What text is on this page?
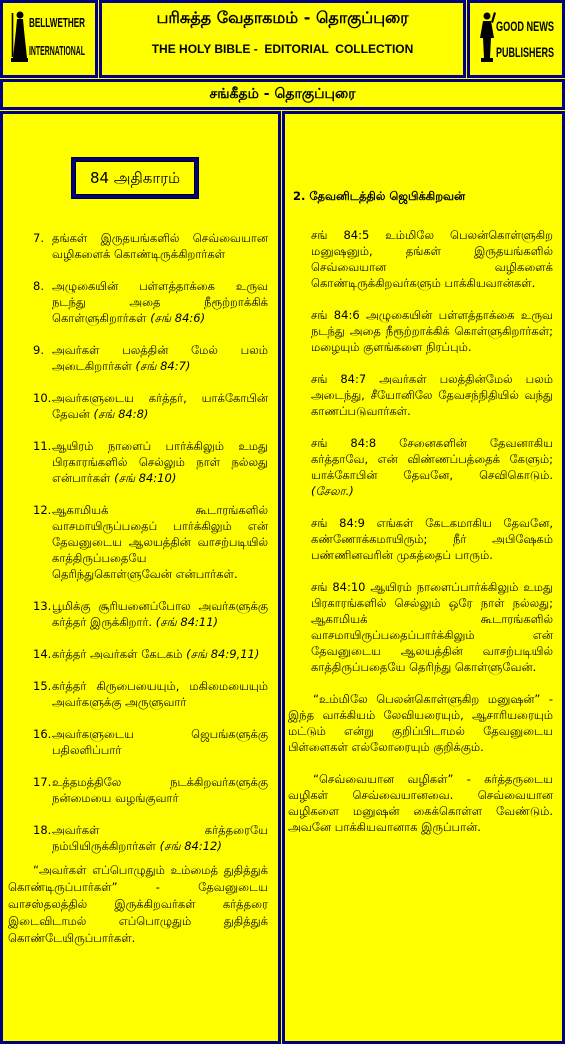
BELLWETHER
INTERNATIONAL
பரிசுத்த வேதாகமம் - தொகுப்புரை
THE HOLY BIBLE -  EDITORIAL  COLLECTION
GOOD NEWS
PUBLISHERS
சங்கீதம் - தொகுப்புரை
84 அதிகாரம்
7. தங்கள் இருதயங்களில் செவ்வையான வழிகளைக் கொண்டிருக்கிறார்கள்
8. அழுகையின் பள்ளத்தாக்கை உருவ நடந்து அதை நீரூற்றாக்கிக் கொள்ளுகிறார்கள் (சங் 84:6)
9. அவர்கள் பலத்தின் மேல் பலம் அடைகிறார்கள் (சங் 84:7)
10. அவர்களுடைய கர்த்தர், யாக்கோபின் தேவன் (சங் 84:8)
11. ஆயிரம் நாளைப் பார்க்கிலும் உமது பிரகாரங்களில் செல்லும் நாள் நல்லது என்பார்கள் (சங் 84:10)
12. ஆகாமியக் கூடாரங்களில் வாசமாயிருப்பதைப் பார்க்கிலும் என் தேவனுடைய ஆலயத்தின் வாசற்படியில் காத்திருப்பதையே தெரிந்துகொள்ளுவேன் என்பார்கள்.
13. பூமிக்கு சூரியனைப்போல அவர்களுக்கு கர்த்தர் இருக்கிறார். (சங் 84:11)
14. கர்த்தர் அவர்கள் கேடகம் (சங் 84:9,11)
15. கர்த்தர் கிருபையையும், மகிமையையும் அவர்களுக்கு அருளுவார்
16. அவர்களுடைய ஜெபங்களுக்கு பதிலளிப்பார்
17. உத்தமத்திலே நடக்கிறவர்களுக்கு நன்மையை வழங்குவார்
18. அவர்கள் கர்த்தரையே நம்பியிருக்கிறார்கள் (சங் 84:12)

“அவர்கள் எப்பொழுதும் உம்மைத் துதித்துக் கொண்டிருப்பார்கள்” - தேவனுடைய வாசஸ்தலத்தில் இருக்கிறவர்கள் கர்த்தரை இடைவிடாமல் எப்பொழுதும் துதித்துக் கொண்டேயிருப்பார்கள்.

2. தேவனிடத்தில் ஜெபிக்கிறவன்

சங் 84:5 உம்மிலே பெலன்கொள்ளுகிற மனுஷனும், தங்கள் இருதயங்களில் செவ்வையான வழிகளைக் கொண்டிருக்கிறவர்களும் பாக்கியவான்கள்.

சங் 84:6 அழுகையின் பள்ளத்தாக்கை உருவ நடந்து அதை நீரூற்றாக்கிக் கொள்ளுகிறார்கள்; மழையும் குளங்களை நிரப்பும்.

சங் 84:7 அவர்கள் பலத்தின்மேல் பலம் அடைந்து, சீயோனிலே தேவசந்நிதியில் வந்து காணப்படுவார்கள்.

சங் 84:8 சேனைகளின் தேவனாகிய கர்த்தாவே, என் விண்ணப்பத்தைக் கேளும்; யாக்கோபின் தேவனே, செவிகொடும். (சேலா.)

சங் 84:9 எங்கள் கேடகமாகிய தேவனே, கண்ணோக்கமாயிரும்; நீர் அபிஷேகம் பண்ணினவரின் முகத்தைப் பாரும்.

சங் 84:10 ஆயிரம் நாளைப்பார்க்கிலும் உமது பிரகாரங்களில் செல்லும் ஒரே நாள் நல்லது; ஆகாமியக் கூடாரங்களில் வாசமாயிருப்பதைப்பார்க்கிலும் என் தேவனுடைய ஆலயத்தின் வாசற்படியில் காத்திருப்பதையே தெரிந்து கொள்ளுவேன்.

“உம்மிலே பெலன்கொள்ளுகிற மனுஷன்” - இந்த வாக்கியம் லேவியரையும், ஆசாரியரையும் மட்டும் என்று குறிப்பிடாமல் தேவனுடைய பிள்ளைகள் எல்லோரையும் குறிக்கும்.

“செவ்வையான வழிகள்” - கர்த்தருடைய வழிகள் செவ்வையானவை. செவ்வையான வழிகளை மனுஷன் கைக்கொள்ள வேண்டும். அவனே பாக்கியவானாக இருப்பான்.
